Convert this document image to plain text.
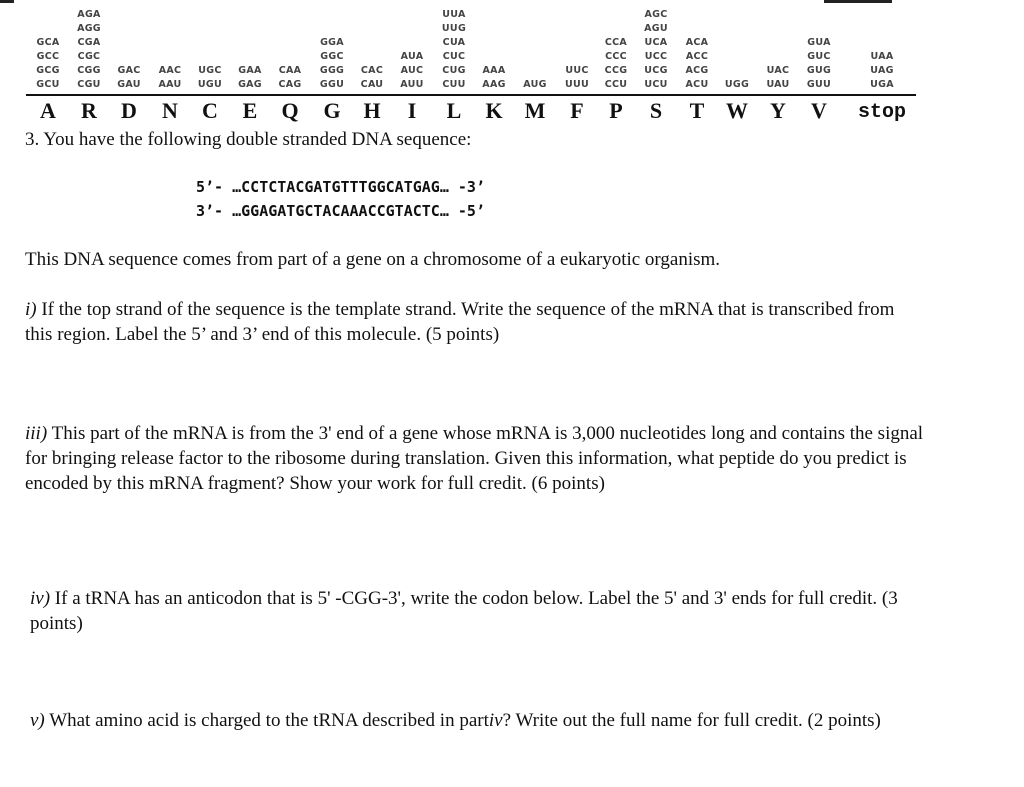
GCA
GCC
GCG
GCU
AGA
AGG
CGA
CGC
CGG
CGU
GAC
GAU
AAC
AAU
UGC
UGU
GAA
GAG
CAA
CAG
GGA
GGC
GGG
GGU
CAC
CAU
AUA
AUC
AUU
UUA
UUG
CUA
CUC
CUG
CUU
AAA
AAG AUG
UUC
UUU
CCA
CCC
CCG
CCU
AGC
AGU
UCA
UCC
UCG
UCU
ACA
ACC
ACG
ACU UGG
UAC
UAU
GUA
GUC
GUG
GUU
UAA
UAG
UGA
A R D N C E Q G H I L K M F P S T W Y V stop
3. You have the following double stranded DNA sequence:
5’- …CCTCTACGATGTTTGGCATGAG… -3’
3’- …GGAGATGCTACAAACCGTACTC… -5’
This DNA sequence comes from part of a gene on a chromosome of a eukaryotic organism.
i) If the top strand of the sequence is the template strand. Write the sequence of the mRNA that is transcribed from this region. Label the 5’ and 3’ end of this molecule. (5 points)
iii) This part of the mRNA is from the 3' end of a gene whose mRNA is 3,000 nucleotides long and contains the signal for bringing release factor to the ribosome during translation. Given this information, what peptide do you predict is encoded by this mRNA fragment? Show your work for full credit. (6 points)
iv) If a tRNA has an anticodon that is 5' -CGG-3', write the codon below. Label the 5' and 3' ends for full credit. (3 points)
v) What amino acid is charged to the tRNA described in partiv? Write out the full name for full credit. (2 points)
